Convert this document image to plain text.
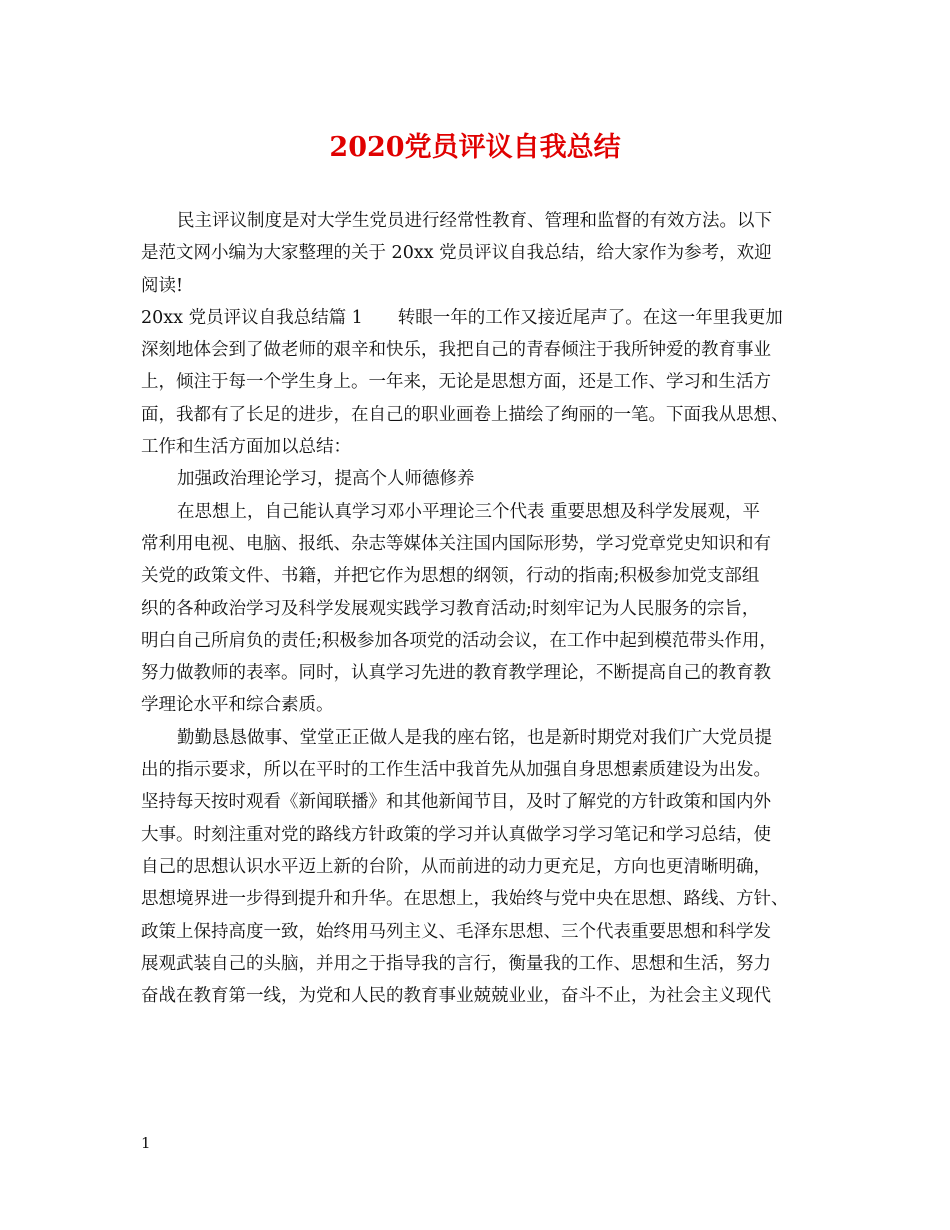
2020党员评议自我总结
民主评议制度是对大学生党员进行经常性教育、管理和监督的有效方法。以下
是范文网小编为大家整理的关于 20xx 党员评议自我总结，给大家作为参考，欢迎
阅读!
20xx 党员评议自我总结篇 1　　转眼一年的工作又接近尾声了。在这一年里我更加
深刻地体会到了做老师的艰辛和快乐，我把自己的青春倾注于我所钟爱的教育事业
上，倾注于每一个学生身上。一年来，无论是思想方面，还是工作、学习和生活方
面，我都有了长足的进步，在自己的职业画卷上描绘了绚丽的一笔。下面我从思想、
工作和生活方面加以总结：
加强政治理论学习，提高个人师德修养
在思想上，自己能认真学习邓小平理论三个代表 重要思想及科学发展观，平
常利用电视、电脑、报纸、杂志等媒体关注国内国际形势，学习党章党史知识和有
关党的政策文件、书籍，并把它作为思想的纲领，行动的指南;积极参加党支部组
织的各种政治学习及科学发展观实践学习教育活动;时刻牢记为人民服务的宗旨，
明白自己所肩负的责任;积极参加各项党的活动会议，在工作中起到模范带头作用，
努力做教师的表率。同时，认真学习先进的教育教学理论，不断提高自己的教育教
学理论水平和综合素质。
勤勤恳恳做事、堂堂正正做人是我的座右铭，也是新时期党对我们广大党员提
出的指示要求，所以在平时的工作生活中我首先从加强自身思想素质建设为出发。
坚持每天按时观看《新闻联播》和其他新闻节目，及时了解党的方针政策和国内外
大事。时刻注重对党的路线方针政策的学习并认真做学习学习笔记和学习总结，使
自己的思想认识水平迈上新的台阶，从而前进的动力更充足，方向也更清晰明确，
思想境界进一步得到提升和升华。在思想上，我始终与党中央在思想、路线、方针、
政策上保持高度一致，始终用马列主义、毛泽东思想、三个代表重要思想和科学发
展观武装自己的头脑，并用之于指导我的言行，衡量我的工作、思想和生活，努力
奋战在教育第一线，为党和人民的教育事业兢兢业业，奋斗不止，为社会主义现代
1
